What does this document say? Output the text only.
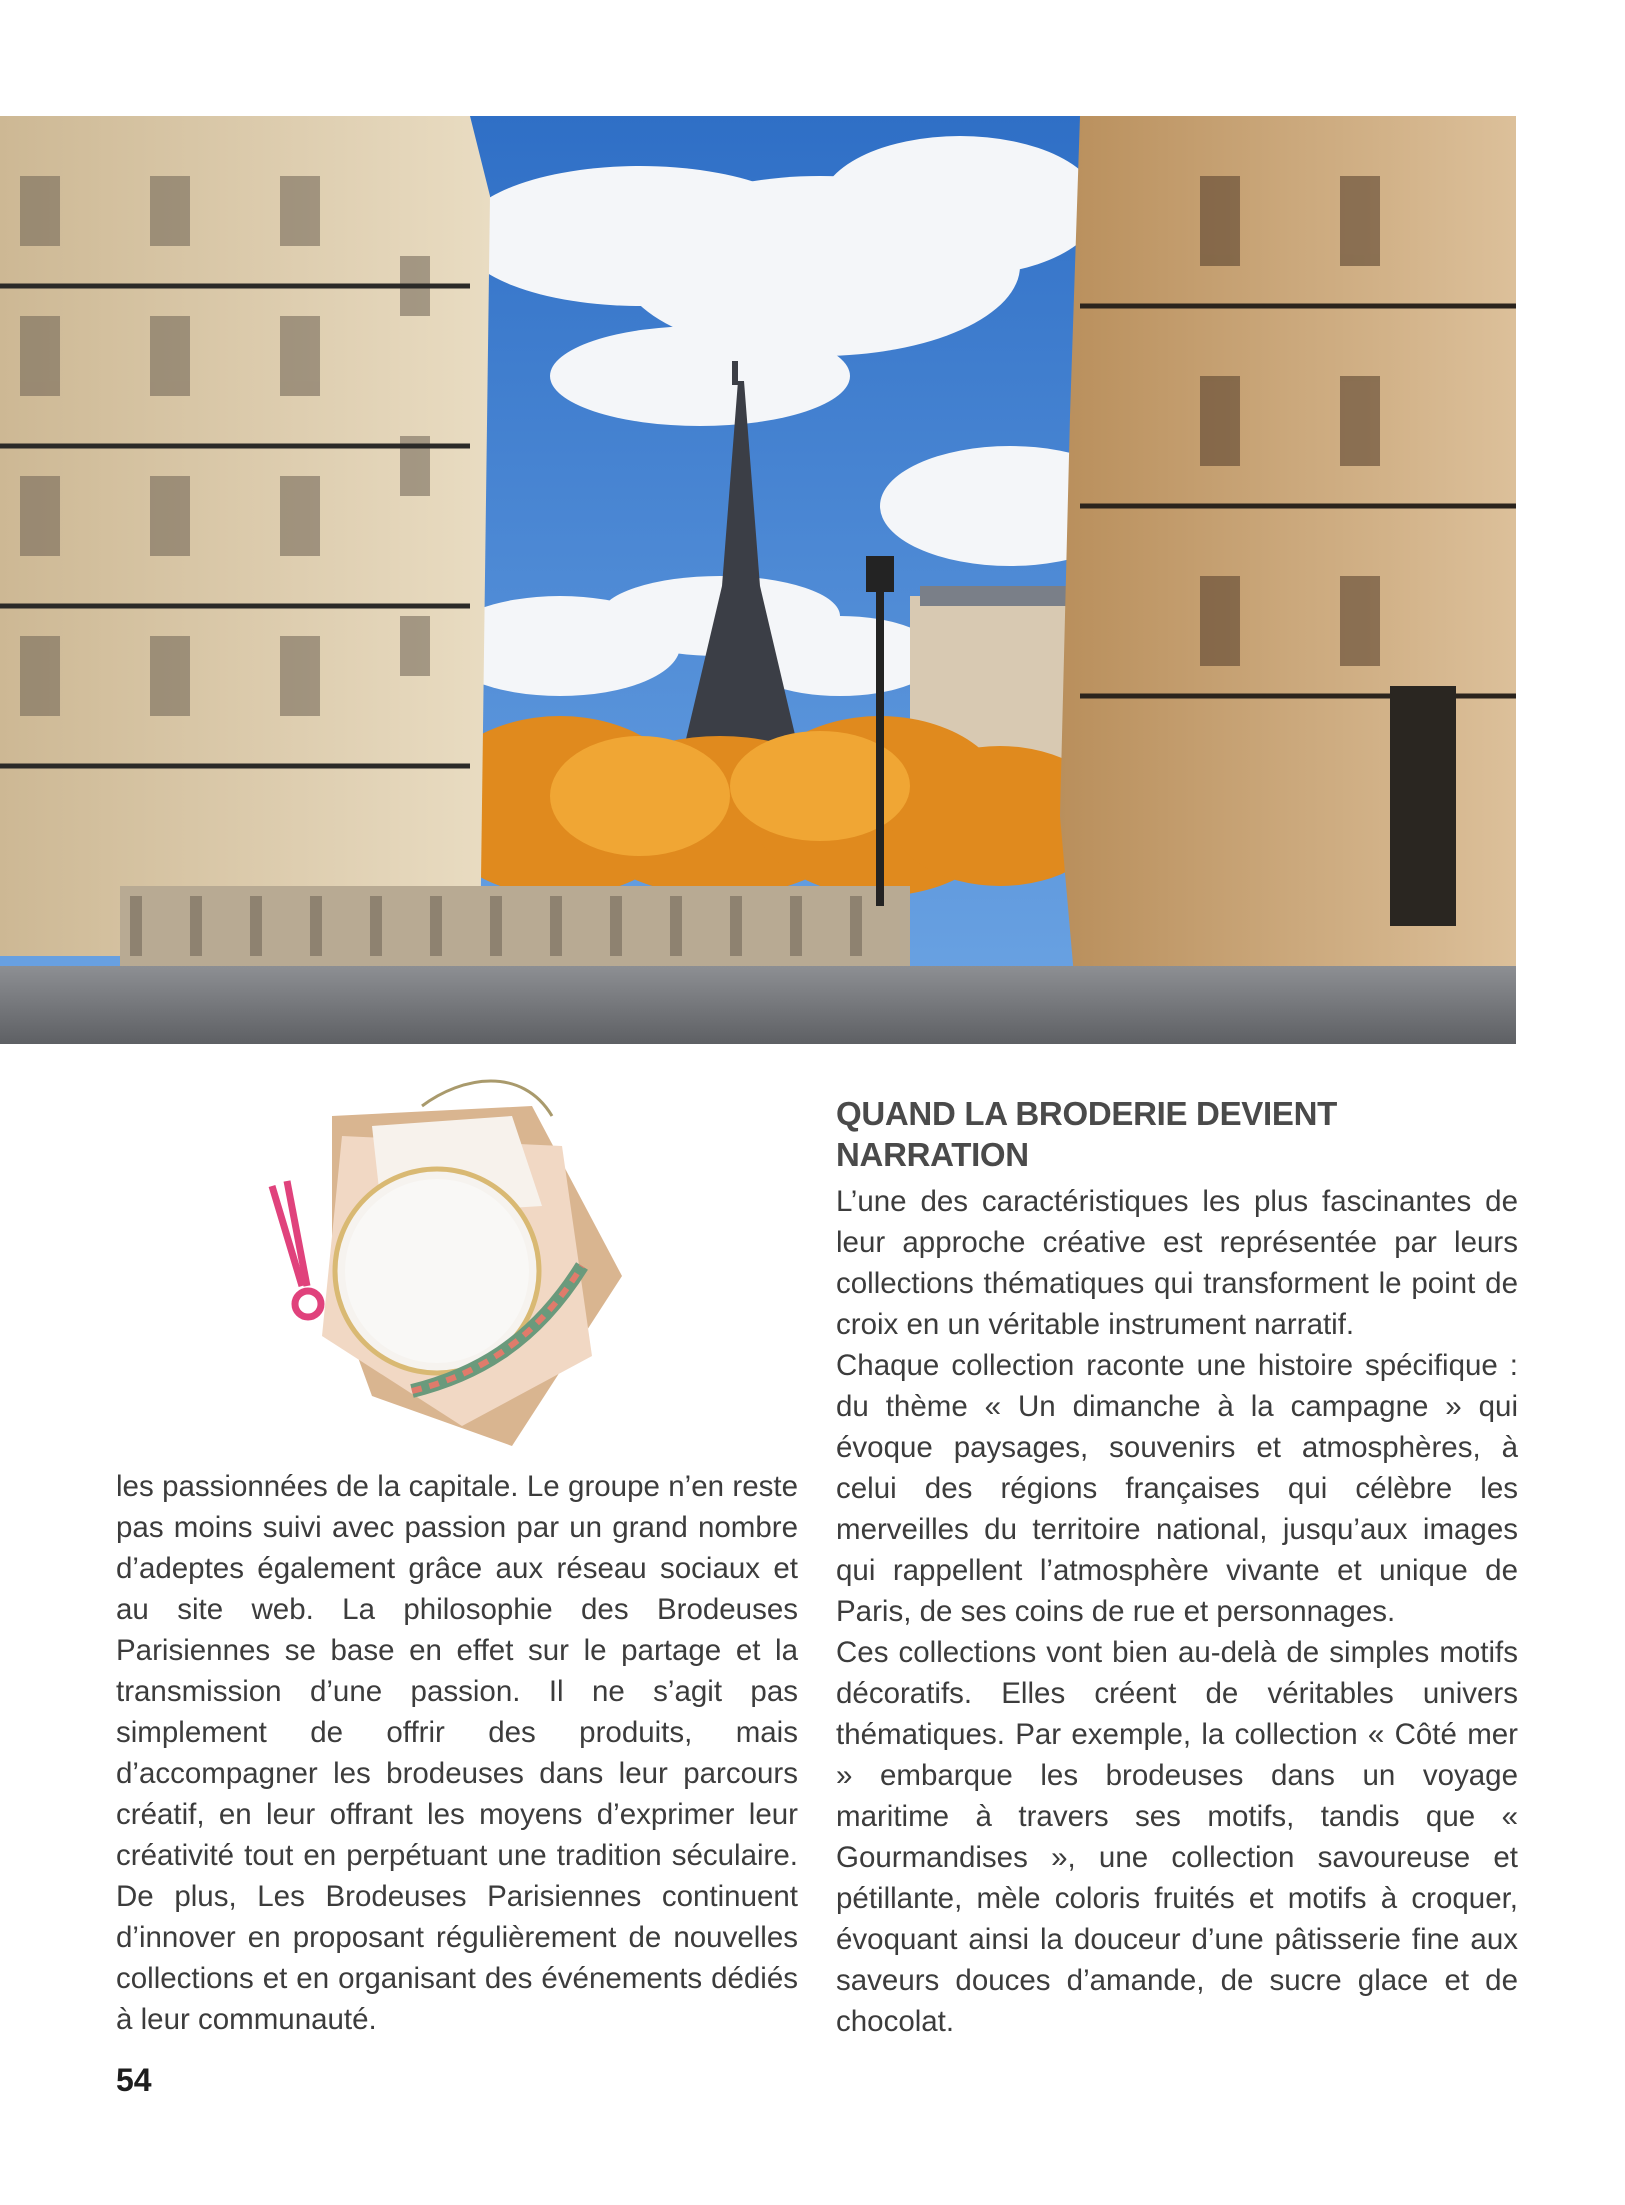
les passionnées de la capitale. Le groupe n’en reste pas moins suivi avec passion par un grand nombre d’adeptes également grâce aux réseau sociaux et au site web. La philosophie des Brodeuses Parisiennes se base en effet sur le partage et la transmission d’une passion. Il ne s’agit pas simplement de offrir des produits, mais d’accompagner les brodeuses dans leur parcours créatif, en leur offrant les moyens d’exprimer leur créativité tout en perpétuant une tradition séculaire. De plus, Les Brodeuses Parisiennes continuent d’innover en proposant régulièrement de nouvelles collections et en organisant des événements dédiés à leur communauté.

QUAND LA BRODERIE DEVIENT NARRATION

L’une des caractéristiques les plus fascinantes de leur approche créative est représentée par leurs collections thématiques qui transforment le point de croix en un véritable instrument narratif.

Chaque collection raconte une histoire spécifique : du thème « Un dimanche à la campagne » qui évoque paysages, souvenirs et atmosphères, à celui des régions françaises qui célèbre les merveilles du territoire national, jusqu’aux images qui rappellent l’atmosphère vivante et unique de Paris, de ses coins de rue et personnages.

Ces collections vont bien au-delà de simples motifs décoratifs. Elles créent de véritables univers thématiques. Par exemple, la collection « Côté mer » embarque les brodeuses dans un voyage maritime à travers ses motifs, tandis que « Gourmandises », une collection savoureuse et pétillante, mèle coloris fruités et motifs à croquer, évoquant ainsi la douceur d’une pâtisserie fine aux saveurs douces d’amande, de sucre glace et de chocolat.

54
